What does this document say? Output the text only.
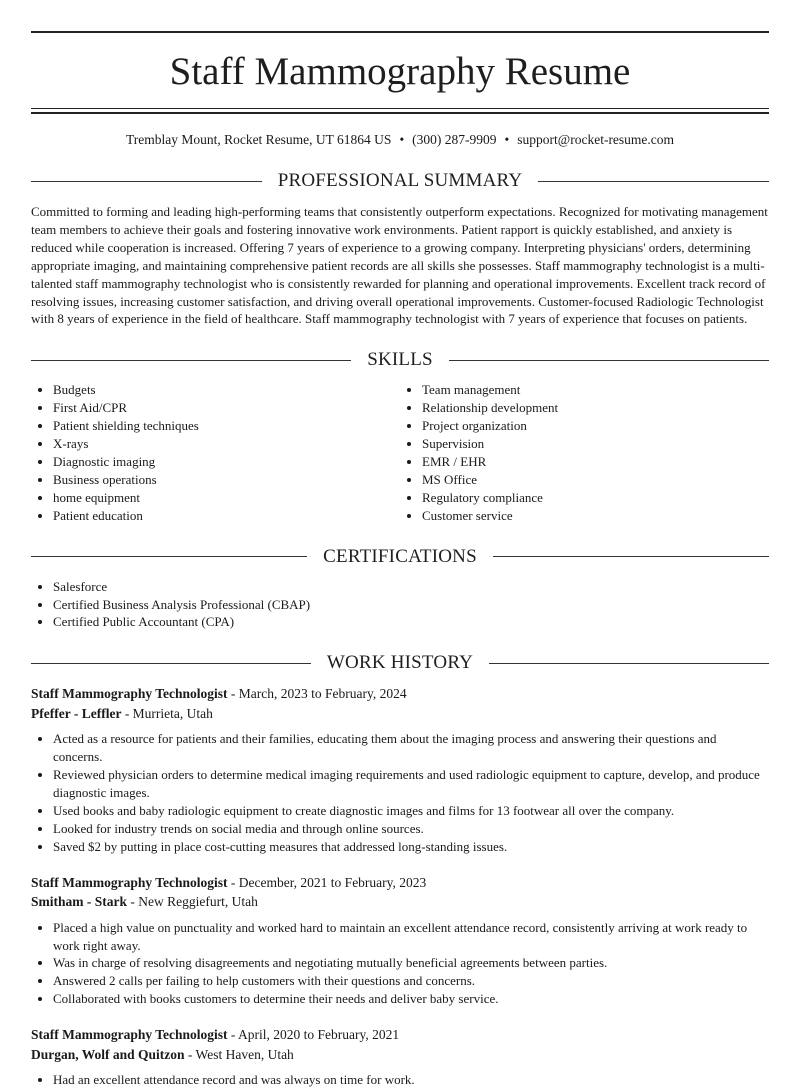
Staff Mammography Resume
Tremblay Mount, Rocket Resume, UT 61864 US • (300) 287-9909 • support@rocket-resume.com
PROFESSIONAL SUMMARY

Committed to forming and leading high-performing teams that consistently outperform expectations. Recognized for motivating management team members to achieve their goals and fostering innovative work environments. Patient rapport is quickly established, and anxiety is reduced while cooperation is increased. Offering 7 years of experience to a growing company. Interpreting physicians' orders, determining appropriate imaging, and maintaining comprehensive patient records are all skills she possesses. Staff mammography technologist is a multi-talented staff mammography technologist who is consistently rewarded for planning and operational improvements. Excellent track record of resolving issues, increasing customer satisfaction, and driving overall operational improvements. Customer-focused Radiologic Technologist with 8 years of experience in the field of healthcare. Staff mammography technologist with 7 years of experience that focuses on patients.

SKILLS
• Budgets
• First Aid/CPR
• Patient shielding techniques
• X-rays
• Diagnostic imaging
• Business operations
• home equipment
• Patient education
• Team management
• Relationship development
• Project organization
• Supervision
• EMR / EHR
• MS Office
• Regulatory compliance
• Customer service
CERTIFICATIONS
• Salesforce
• Certified Business Analysis Professional (CBAP)
• Certified Public Accountant (CPA)
WORK HISTORY
Staff Mammography Technologist - March, 2023 to February, 2024
Pfeffer - Leffler - Murrieta, Utah
• Acted as a resource for patients and their families, educating them about the imaging process and answering their questions and concerns.
• Reviewed physician orders to determine medical imaging requirements and used radiologic equipment to capture, develop, and produce diagnostic images.
• Used books and baby radiologic equipment to create diagnostic images and films for 13 footwear all over the company.
• Looked for industry trends on social media and through online sources.
• Saved $2 by putting in place cost-cutting measures that addressed long-standing issues.
Staff Mammography Technologist - December, 2021 to February, 2023
Smitham - Stark - New Reggiefurt, Utah
• Placed a high value on punctuality and worked hard to maintain an excellent attendance record, consistently arriving at work ready to work right away.
• Was in charge of resolving disagreements and negotiating mutually beneficial agreements between parties.
• Answered 2 calls per failing to help customers with their questions and concerns.
• Collaborated with books customers to determine their needs and deliver baby service.
Staff Mammography Technologist - April, 2020 to February, 2021
Durgan, Wolf and Quitzon - West Haven, Utah
• Had an excellent attendance record and was always on time for work.
